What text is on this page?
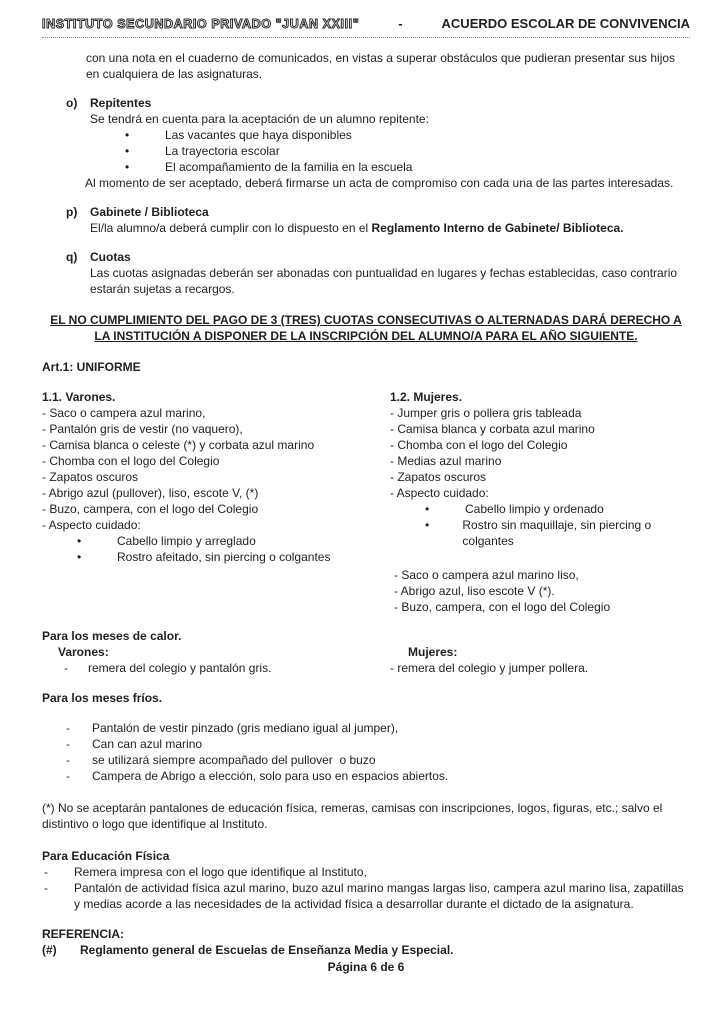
INSTITUTO SECUNDARIO PRIVADO "JUAN XXIII"	-	ACUERDO ESCOLAR DE CONVIVENCIA

con una nota en el cuaderno de comunicados, en vistas a superar obstáculos que pudieran presentar sus hijos en cualquiera de las asignaturas.

o)	Repitentes

Se tendrá en cuenta para la aceptación de un alumno repitente:

• Las vacantes que haya disponibles
• La trayectoria escolar
• El acompañamiento de la familia en la escuela

Al momento de ser aceptado, deberá firmarse un acta de compromiso con cada una de las partes interesadas.

p)	Gabinete / Biblioteca

El/la alumno/a deberá cumplir con lo dispuesto en el Reglamento Interno de Gabinete/ Biblioteca.

q)	Cuotas

Las cuotas asignadas deberán ser abonadas con puntualidad en lugares y fechas establecidas, caso contrario estarán sujetas a recargos.

EL NO CUMPLIMIENTO DEL PAGO DE 3 (TRES) CUOTAS CONSECUTIVAS O ALTERNADAS DARÁ DERECHO A LA INSTITUCIÓN A DISPONER DE LA INSCRIPCIÓN DEL ALUMNO/A PARA EL AÑO SIGUIENTE.

Art.1: UNIFORME

1.1. Varones.

- Saco o campera azul marino,
- Pantalón gris de vestir (no vaquero),
- Camisa blanca o celeste (*) y corbata azul marino
- Chomba con el logo del Colegio
- Zapatos oscuros
- Abrigo azul (pullover), liso, escote V, (*)
- Buzo, campera, con el logo del Colegio
- Aspecto cuidado:
• Cabello limpio y arreglado
• Rostro afeitado, sin piercing o colgantes

1.2. Mujeres.

- Jumper gris o pollera gris tableada
- Camisa blanca y corbata azul marino
- Chomba con el logo del Colegio
- Medias azul marino
- Zapatos oscuros
- Aspecto cuidado:
• Cabello limpio y ordenado
• Rostro sin maquillaje, sin piercing o colgantes
- Saco o campera azul marino liso,
- Abrigo azul, liso escote V (*).
- Buzo, campera, con el logo del Colegio

Para los meses de calor.

Varones:

-	remera del colegio y pantalón gris.

Mujeres:

- remera del colegio y jumper pollera.

Para los meses fríos.

-	Pantalón de vestir pinzado (gris mediano igual al jumper),
-	Can can azul marino
-	se utilizará siempre acompañado del pullover  o buzo
-	Campera de Abrigo a elección, solo para uso en espacios abiertos.

(*) No se aceptarán pantalones de educación física, remeras, camisas con inscripciones, logos, figuras, etc.; salvo el distintivo o logo que identifique al Instituto.

Para Educación Física

-	Remera impresa con el logo que identifique al Instituto,
-	Pantalón de actividad física azul marino, buzo azul marino mangas largas liso, campera azul marino lisa, zapatillas  y medias acorde a las necesidades de la actividad física a desarrollar durante el dictado de la asignatura.

REFERENCIA:

(#)	Reglamento general de Escuelas de Enseñanza Media y Especial.

Página 6 de 6
